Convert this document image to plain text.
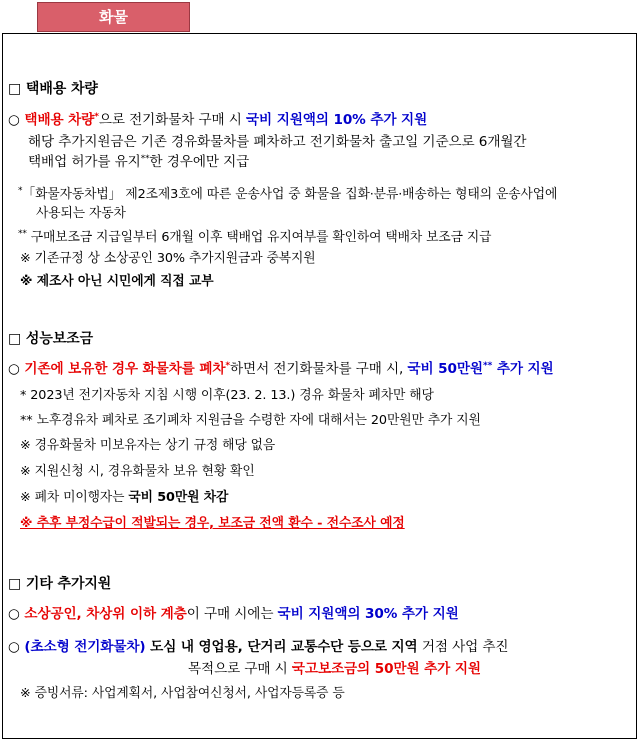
화물
□ 택배용 차량
○ 택배용 차량*으로 전기화물차 구매 시 국비 지원액의 10% 추가 지원
해당 추가지원금은 기존 경유화물차를 폐차하고 전기화물차 출고일 기준으로 6개월간
택배업 허가를 유지**한 경우에만 지급
*「화물자동차법」 제2조제3호에 따른 운송사업 중 화물을 집화·분류·배송하는 형태의 운송사업에
사용되는 자동차
** 구매보조금 지급일부터 6개월 이후 택배업 유지여부를 확인하여 택배차 보조금 지급
※ 기존규정 상 소상공인 30% 추가지원금과 중복지원
※ 제조사 아닌 시민에게 직접 교부
□ 성능보조금
○ 기존에 보유한 경우 화물차를 폐차*하면서 전기화물차를 구매 시, 국비 50만원** 추가 지원
* 2023년 전기자동차 지침 시행 이후(23. 2. 13.) 경유 화물차 폐차만 해당
** 노후경유차 폐차로 조기폐차 지원금을 수령한 자에 대해서는 20만원만 추가 지원
※ 경유화물차 미보유자는 상기 규정 해당 없음
※ 지원신청 시, 경유화물차 보유 현황 확인
※ 폐차 미이행자는 국비 50만원 차감
※ 추후 부정수급이 적발되는 경우, 보조금 전액 환수 - 전수조사 예정
□ 기타 추가지원
○ 소상공인, 차상위 이하 계층이 구매 시에는 국비 지원액의 30% 추가 지원
○ (초소형 전기화물차) 도심 내 영업용, 단거리 교통수단 등으로 지역 거점 사업 추진
목적으로 구매 시 국고보조금의 50만원 추가 지원
※ 증빙서류: 사업계획서, 사업참여신청서, 사업자등록증 등
